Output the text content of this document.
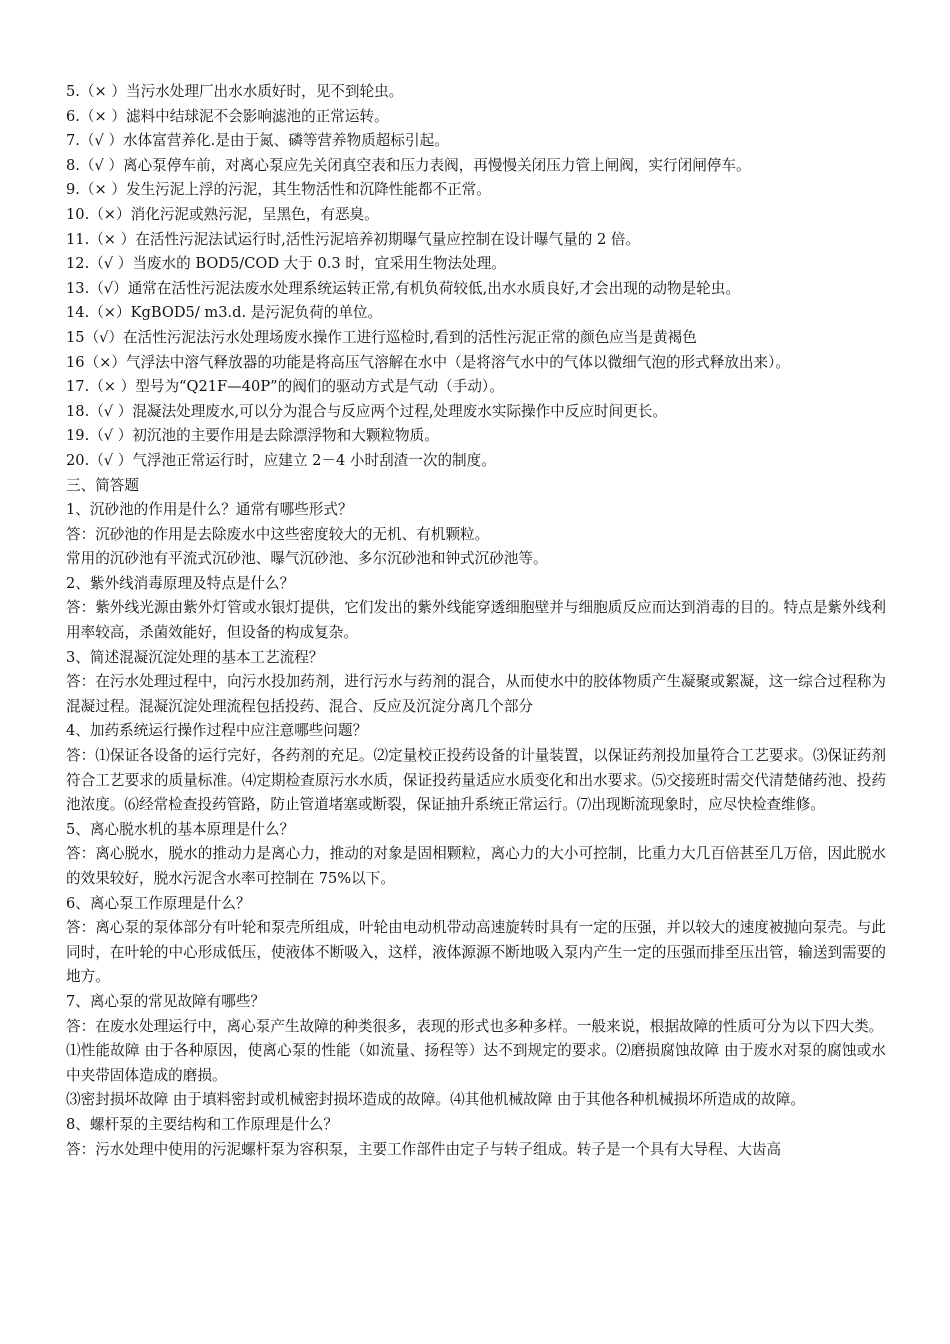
5.（× ）当污水处理厂出水水质好时，见不到轮虫。
6.（× ）滤料中结球泥不会影响滤池的正常运转。
7.（√ ）水体富营养化.是由于氮、磷等营养物质超标引起。
8.（√ ）离心泵停车前，对离心泵应先关闭真空表和压力表阀，再慢慢关闭压力管上闸阀，实行闭闸停车。
9.（× ）发生污泥上浮的污泥，其生物活性和沉降性能都不正常。
10.（×）消化污泥或熟污泥，呈黑色，有恶臭。
11.（× ）在活性污泥法试运行时,活性污泥培养初期曝气量应控制在设计曝气量的 2 倍。
12.（√ ）当废水的 BOD5/COD 大于 0.3 时，宜采用生物法处理。
13.（√）通常在活性污泥法废水处理系统运转正常,有机负荷较低,出水水质良好,才会出现的动物是轮虫。
14.（×）KgBOD5/ m3.d. 是污泥负荷的单位。
15（√）在活性污泥法污水处理场废水操作工进行巡检时,看到的活性污泥正常的颜色应当是黄褐色
16（×）气浮法中溶气释放器的功能是将高压气溶解在水中（是将溶气水中的气体以微细气泡的形式释放出来）。
17.（× ）型号为“Q21F—40P”的阀们的驱动方式是气动（手动）。
18.（√ ）混凝法处理废水,可以分为混合与反应两个过程,处理废水实际操作中反应时间更长。
19.（√ ）初沉池的主要作用是去除漂浮物和大颗粒物质。
20.（√ ）气浮池正常运行时，应建立 2－4 小时刮渣一次的制度。
三、简答题
1、沉砂池的作用是什么？通常有哪些形式？
答：沉砂池的作用是去除废水中这些密度较大的无机、有机颗粒。
常用的沉砂池有平流式沉砂池、曝气沉砂池、多尔沉砂池和钟式沉砂池等。
2、紫外线消毒原理及特点是什么？
答：紫外线光源由紫外灯管或水银灯提供，它们发出的紫外线能穿透细胞壁并与细胞质反应而达到消毒的目的。特点是紫外线利用率较高，杀菌效能好，但设备的构成复杂。
3、简述混凝沉淀处理的基本工艺流程？
答：在污水处理过程中，向污水投加药剂，进行污水与药剂的混合，从而使水中的胶体物质产生凝聚或絮凝，这一综合过程称为混凝过程。混凝沉淀处理流程包括投药、混合、反应及沉淀分离几个部分
4、加药系统运行操作过程中应注意哪些问题？
答：⑴保证各设备的运行完好，各药剂的充足。⑵定量校正投药设备的计量装置，以保证药剂投加量符合工艺要求。⑶保证药剂符合工艺要求的质量标准。⑷定期检查原污水水质，保证投药量适应水质变化和出水要求。⑸交接班时需交代清楚储药池、投药池浓度。⑹经常检查投药管路，防止管道堵塞或断裂，保证抽升系统正常运行。⑺出现断流现象时，应尽快检查维修。
5、离心脱水机的基本原理是什么？
答：离心脱水，脱水的推动力是离心力，推动的对象是固相颗粒，离心力的大小可控制，比重力大几百倍甚至几万倍，因此脱水的效果较好，脱水污泥含水率可控制在 75%以下。
6、离心泵工作原理是什么？
答：离心泵的泵体部分有叶轮和泵壳所组成，叶轮由电动机带动高速旋转时具有一定的压强，并以较大的速度被抛向泵壳。与此同时，在叶轮的中心形成低压，使液体不断吸入，这样，液体源源不断地吸入泵内产生一定的压强而排至压出管，输送到需要的地方。
7、离心泵的常见故障有哪些？
答：在废水处理运行中，离心泵产生故障的种类很多，表现的形式也多种多样。一般来说，根据故障的性质可分为以下四大类。
⑴性能故障 由于各种原因，使离心泵的性能（如流量、扬程等）达不到规定的要求。⑵磨损腐蚀故障 由于废水对泵的腐蚀或水中夹带固体造成的磨损。
⑶密封损坏故障 由于填料密封或机械密封损坏造成的故障。⑷其他机械故障 由于其他各种机械损坏所造成的故障。
8、螺杆泵的主要结构和工作原理是什么？
答：污水处理中使用的污泥螺杆泵为容积泵，主要工作部件由定子与转子组成。转子是一个具有大导程、大齿高
